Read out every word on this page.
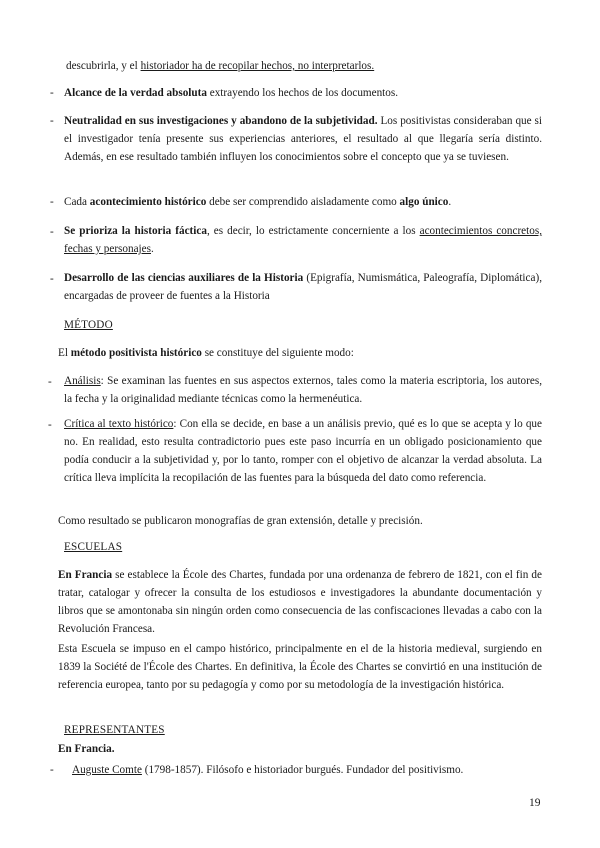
descubrirla, y el historiador ha de recopilar hechos, no interpretarlos.
- Alcance de la verdad absoluta extrayendo los hechos de los documentos.
- Neutralidad en sus investigaciones y abandono de la subjetividad. Los positivistas consideraban que si el investigador tenía presente sus experiencias anteriores, el resultado al que llegaría sería distinto. Además, en ese resultado también influyen los conocimientos sobre el concepto que ya se tuviesen.
- Cada acontecimiento histórico debe ser comprendido aisladamente como algo único.
- Se prioriza la historia fáctica, es decir, lo estrictamente concerniente a los acontecimientos concretos, fechas y personajes.
- Desarrollo de las ciencias auxiliares de la Historia (Epigrafía, Numismática, Paleografía, Diplomática), encargadas de proveer de fuentes a la Historia
MÉTODO
El método positivista histórico se constituye del siguiente modo:
- Análisis: Se examinan las fuentes en sus aspectos externos, tales como la materia escriptoria, los autores, la fecha y la originalidad mediante técnicas como la hermenéutica.
- Crítica al texto histórico: Con ella se decide, en base a un análisis previo, qué es lo que se acepta y lo que no. En realidad, esto resulta contradictorio pues este paso incurría en un obligado posicionamiento que podía conducir a la subjetividad y, por lo tanto, romper con el objetivo de alcanzar la verdad absoluta. La crítica lleva implícita la recopilación de las fuentes para la búsqueda del dato como referencia.
Como resultado se publicaron monografías de gran extensión, detalle y precisión.
ESCUELAS
En Francia se establece la École des Chartes, fundada por una ordenanza de febrero de 1821, con el fin de tratar, catalogar y ofrecer la consulta de los estudiosos e investigadores la abundante documentación y libros que se amontonaba sin ningún orden como consecuencia de las confiscaciones llevadas a cabo con la Revolución Francesa.
Esta Escuela se impuso en el campo histórico, principalmente en el de la historia medieval, surgiendo en 1839 la Société de l'École des Chartes. En definitiva, la École des Chartes se convirtió en una institución de referencia europea, tanto por su pedagogía y como por su metodología de la investigación histórica.
REPRESENTANTES
En Francia.
- Auguste Comte (1798-1857). Filósofo e historiador burgués. Fundador del positivismo.
19
